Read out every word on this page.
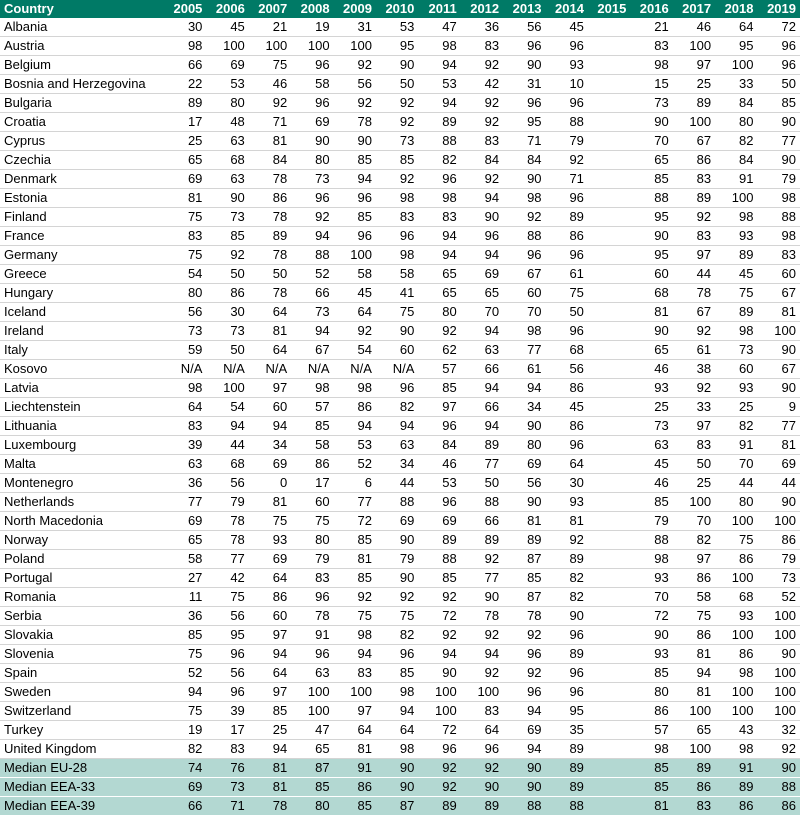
Country	2005	2006	2007	2008	2009	2010	2011	2012	2013	2014	2015	2016	2017	2018	2019
Albania	30	45	21	19	31	53	47	36	56	45		21	46	64	72
Austria	98	100	100	100	100	95	98	83	96	96		83	100	95	96
Belgium	66	69	75	96	92	90	94	92	90	93		98	97	100	96
Bosnia and Herzegovina	22	53	46	58	56	50	53	42	31	10		15	25	33	50
Bulgaria	89	80	92	96	92	92	94	92	96	96		73	89	84	85
Croatia	17	48	71	69	78	92	89	92	95	88		90	100	80	90
Cyprus	25	63	81	90	90	73	88	83	71	79		70	67	82	77
Czechia	65	68	84	80	85	85	82	84	84	92		65	86	84	90
Denmark	69	63	78	73	94	92	96	92	90	71		85	83	91	79
Estonia	81	90	86	96	96	98	98	94	98	96		88	89	100	98
Finland	75	73	78	92	85	83	83	90	92	89		95	92	98	88
France	83	85	89	94	96	96	94	96	88	86		90	83	93	98
Germany	75	92	78	88	100	98	94	94	96	96		95	97	89	83
Greece	54	50	50	52	58	58	65	69	67	61		60	44	45	60
Hungary	80	86	78	66	45	41	65	65	60	75		68	78	75	67
Iceland	56	30	64	73	64	75	80	70	70	50		81	67	89	81
Ireland	73	73	81	94	92	90	92	94	98	96		90	92	98	100
Italy	59	50	64	67	54	60	62	63	77	68		65	61	73	90
Kosovo	N/A	N/A	N/A	N/A	N/A	N/A	57	66	61	56		46	38	60	67
Latvia	98	100	97	98	98	96	85	94	94	86		93	92	93	90
Liechtenstein	64	54	60	57	86	82	97	66	34	45		25	33	25	9
Lithuania	83	94	94	85	94	94	96	94	90	86		73	97	82	77
Luxembourg	39	44	34	58	53	63	84	89	80	96		63	83	91	81
Malta	63	68	69	86	52	34	46	77	69	64		45	50	70	69
Montenegro	36	56	0	17	6	44	53	50	56	30		46	25	44	44
Netherlands	77	79	81	60	77	88	96	88	90	93		85	100	80	90
North Macedonia	69	78	75	75	72	69	69	66	81	81		79	70	100	100
Norway	65	78	93	80	85	90	89	89	89	92		88	82	75	86
Poland	58	77	69	79	81	79	88	92	87	89		98	97	86	79
Portugal	27	42	64	83	85	90	85	77	85	82		93	86	100	73
Romania	11	75	86	96	92	92	92	90	87	82		70	58	68	52
Serbia	36	56	60	78	75	75	72	78	78	90		72	75	93	100
Slovakia	85	95	97	91	98	82	92	92	92	96		90	86	100	100
Slovenia	75	96	94	96	94	96	94	94	96	89		93	81	86	90
Spain	52	56	64	63	83	85	90	92	92	96		85	94	98	100
Sweden	94	96	97	100	100	98	100	100	96	96		80	81	100	100
Switzerland	75	39	85	100	97	94	100	83	94	95		86	100	100	100
Turkey	19	17	25	47	64	64	72	64	69	35		57	65	43	32
United Kingdom	82	83	94	65	81	98	96	96	94	89		98	100	98	92
Median EU-28	74	76	81	87	91	90	92	92	90	89		85	89	91	90
Median EEA-33	69	73	81	85	86	90	92	90	90	89		85	86	89	88
Median EEA-39	66	71	78	80	85	87	89	89	88	88		81	83	86	86
